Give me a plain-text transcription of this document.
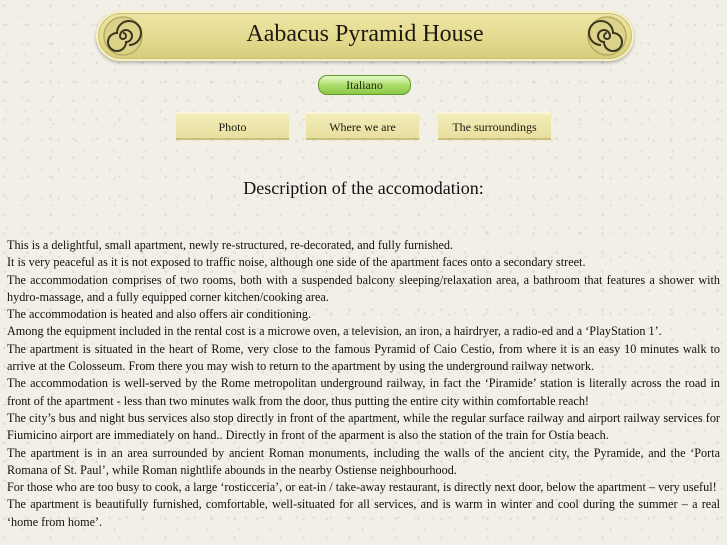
Aabacus Pyramid House
Italiano
Photo	Where we are	The surroundings
Description of the accomodation:

This is a delightful, small apartment, newly re-structured, re-decorated, and fully furnished.

It is very peaceful as it is not exposed to traffic noise, although one side of the apartment faces onto a secondary street.

The accommodation comprises of two rooms, both with a suspended balcony sleeping/relaxation area, a bathroom that features a shower with hydro-massage, and a fully equipped corner kitchen/cooking area.

The accommodation is heated and also offers air conditioning.

Among the equipment included in the rental cost is a microwe oven, a television, an iron, a hairdryer, a radio-ed and a ‘PlayStation 1’.

The apartment is situated in the heart of Rome, very close to the famous Pyramid of Caio Cestio, from where it is an easy 10 minutes walk to arrive at the Colosseum. From there you may wish to return to the apartment by using the underground railway network.

The accommodation is well-served by the Rome metropolitan underground railway, in fact the ‘Piramide’ station is literally across the road in front of the apartment - less than two minutes walk from the door, thus putting the entire city within comfortable reach!

The city’s bus and night bus services also stop directly in front of the apartment, while the regular surface railway and airport railway services for Fiumicino airport are immediately on hand.. Directly in front of the aparment is also the station of the train for Ostia beach.

The apartment is in an area surrounded by ancient Roman monuments, including the walls of the ancient city, the Pyramide, and the ‘Porta Romana of St. Paul’, while Roman nightlife abounds in the nearby Ostiense neighbourhood.

For those who are too busy to cook, a large ‘rosticceria’, or eat-in / take-away restaurant, is directly next door, below the apartment – very useful!

The apartment is beautifully furnished, comfortable, well-situated for all services, and is warm in winter and cool during the summer – a real ‘home from home’.
